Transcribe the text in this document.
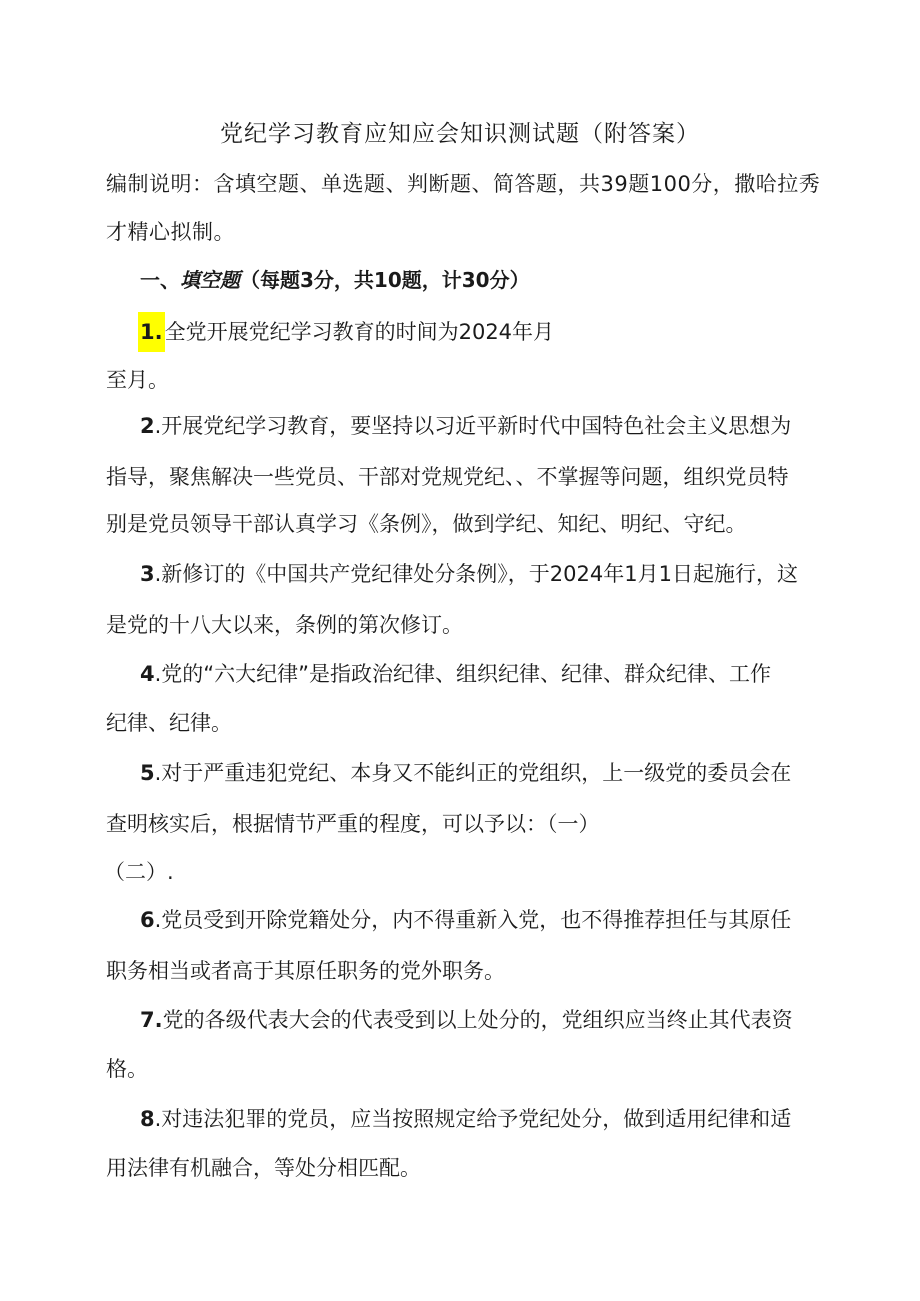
党纪学习教育应知应会知识测试题（附答案）
编制说明：含填空题、单选题、判断题、简答题，共39题100分，撒哈拉秀
才精心拟制。
一、填空题（每题3分，共10题，计30分）
1.全党开展党纪学习教育的时间为2024年月
至月。
2.开展党纪学习教育，要坚持以习近平新时代中国特色社会主义思想为
指导，聚焦解决一些党员、干部对党规党纪、、不掌握等问题，组织党员特
别是党员领导干部认真学习《条例》，做到学纪、知纪、明纪、守纪。
3.新修订的《中国共产党纪律处分条例》，于2024年1月1日起施行，这
是党的十八大以来，条例的第次修订。
4.党的“六大纪律”是指政治纪律、组织纪律、纪律、群众纪律、工作
纪律、纪律。
5.对于严重违犯党纪、本身又不能纠正的党组织，上一级党的委员会在
查明核实后，根据情节严重的程度，可以予以：（一）
（二）.
6.党员受到开除党籍处分，内不得重新入党，也不得推荐担任与其原任
职务相当或者高于其原任职务的党外职务。
7.党的各级代表大会的代表受到以上处分的，党组织应当终止其代表资
格。
8.对违法犯罪的党员，应当按照规定给予党纪处分，做到适用纪律和适
用法律有机融合，等处分相匹配。
